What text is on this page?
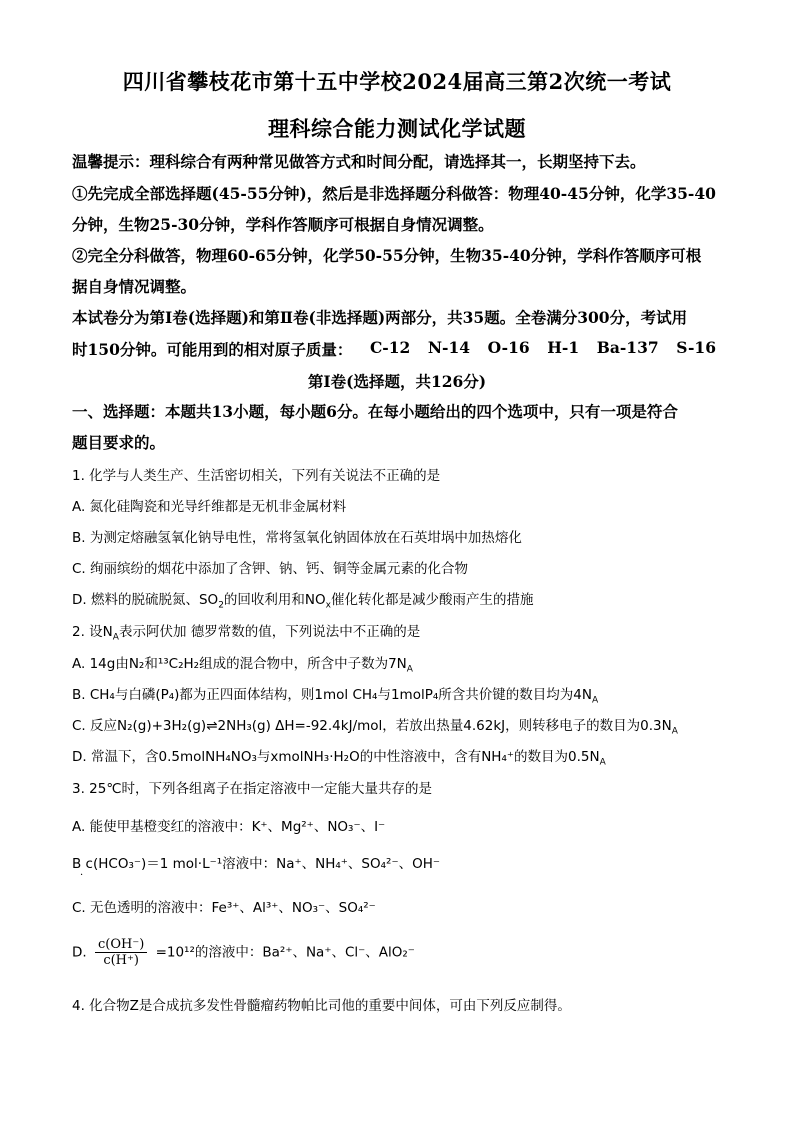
四川省攀枝花市第十五中学校2024届高三第2次统一考试
理科综合能力测试化学试题
温馨提示：理科综合有两种常见做答方式和时间分配，请选择其一，长期坚持下去。
①先完成全部选择题(45-55分钟)，然后是非选择题分科做答：物理40-45分钟，化学35-40
分钟，生物25-30分钟，学科作答顺序可根据自身情况调整。
②完全分科做答，物理60-65分钟，化学50-55分钟，生物35-40分钟，学科作答顺序可根
据自身情况调整。
本试卷分为第Ⅰ卷(选择题)和第Ⅱ卷(非选择题)两部分，共35题。全卷满分300分，考试用
时150分钟。可能用到的相对原子质量： C-12 N-14 O-16 H-1 Ba-137 S-16
第Ⅰ卷(选择题，共126分)
一、选择题：本题共13小题，每小题6分。在每小题给出的四个选项中，只有一项是符合
题目要求的。
1. 化学与人类生产、生活密切相关，下列有关说法不正确的是
A. 氮化硅陶瓷和光导纤维都是无机非金属材料
B. 为测定熔融氢氧化钠导电性，常将氢氧化钠固体放在石英坩埚中加热熔化
C. 绚丽缤纷的烟花中添加了含钾、钠、钙、铜等金属元素的化合物
D. 燃料的脱硫脱氮、$SO_2$的回收利用和$NO_x$催化转化都是减少酸雨产生的措施
2. 设$N_A$表示阿伏加 德罗常数的值，下列说法中不正确的是
A. 14g由N₂和¹³C₂H₂组成的混合物中，所含中子数为$7N_A$
B. CH₄与白磷(P₄)都为正四面体结构，则1mol CH₄与1molP₄所含共价键的数目均为$4N_A$
C. 反应N₂(g)+3H₂(g)⇌2NH₃(g) ΔH=-92.4kJ/mol，若放出热量4.62kJ，则转移电子的数目为$0.3N_A$
D. 常温下，含0.5molNH₄NO₃与xmolNH₃·H₂O的中性溶液中，含有NH₄⁺的数目为$0.5N_A$
3. 25℃时，下列各组离子在指定溶液中一定能大量共存的是
A. 能使甲基橙变红的溶液中：K⁺、Mg²⁺、NO₃⁻、I⁻
B c(HCO₃⁻)＝1 mol·L⁻¹溶液中：Na⁺、NH₄⁺、SO₄²⁻、OH⁻
·
C. 无色透明的溶液中：Fe³⁺、Al³⁺、NO₃⁻、SO₄²⁻
D. $\frac{c(OH^-)}{c(H^+)} =10^{12}$的溶液中：Ba²⁺、Na⁺、Cl⁻、AlO₂⁻
4. 化合物Z是合成抗多发性骨髓瘤药物帕比司他的重要中间体，可由下列反应制得。
